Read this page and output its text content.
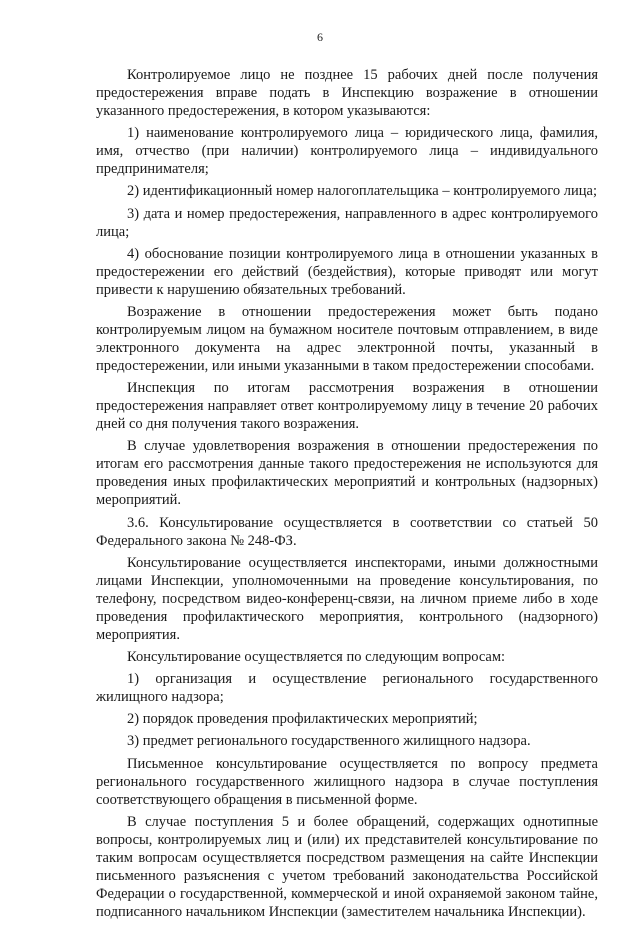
6

Контролируемое лицо не позднее 15 рабочих дней после получения предостережения вправе подать в Инспекцию возражение в отношении указанного предостережения, в котором указываются:

1) наименование контролируемого лица – юридического лица, фамилия, имя, отчество (при наличии) контролируемого лица – индивидуального предпринимателя;

2) идентификационный номер налогоплательщика – контролируемого лица;

3) дата и номер предостережения, направленного в адрес контролируемого лица;

4) обоснование позиции контролируемого лица в отношении указанных в предостережении его действий (бездействия), которые приводят или могут привести к нарушению обязательных требований.

Возражение в отношении предостережения может быть подано контролируемым лицом на бумажном носителе почтовым отправлением, в виде электронного документа на адрес электронной почты, указанный в предостережении, или иными указанными в таком предостережении способами.

Инспекция по итогам рассмотрения возражения в отношении предостережения направляет ответ контролируемому лицу в течение 20 рабочих дней со дня получения такого возражения.

В случае удовлетворения возражения в отношении предостережения по итогам его рассмотрения данные такого предостережения не используются для проведения иных профилактических мероприятий и контрольных (надзорных) мероприятий.

3.6. Консультирование осуществляется в соответствии со статьей 50 Федерального закона № 248-ФЗ.

Консультирование осуществляется инспекторами, иными должностными лицами Инспекции, уполномоченными на проведение консультирования, по телефону, посредством видео-конференц-связи, на личном приеме либо в ходе проведения профилактического мероприятия, контрольного (надзорного) мероприятия.

Консультирование осуществляется по следующим вопросам:

1) организация и осуществление регионального государственного жилищного надзора;

2) порядок проведения профилактических мероприятий;

3) предмет регионального государственного жилищного надзора.

Письменное консультирование осуществляется по вопросу предмета регионального государственного жилищного надзора в случае поступления соответствующего обращения в письменной форме.

В случае поступления 5 и более обращений, содержащих однотипные вопросы, контролируемых лиц и (или) их представителей консультирование по таким вопросам осуществляется посредством размещения на сайте Инспекции письменного разъяснения с учетом требований законодательства Российской Федерации о государственной, коммерческой и иной охраняемой законом тайне, подписанного начальником Инспекции (заместителем начальника Инспекции).
